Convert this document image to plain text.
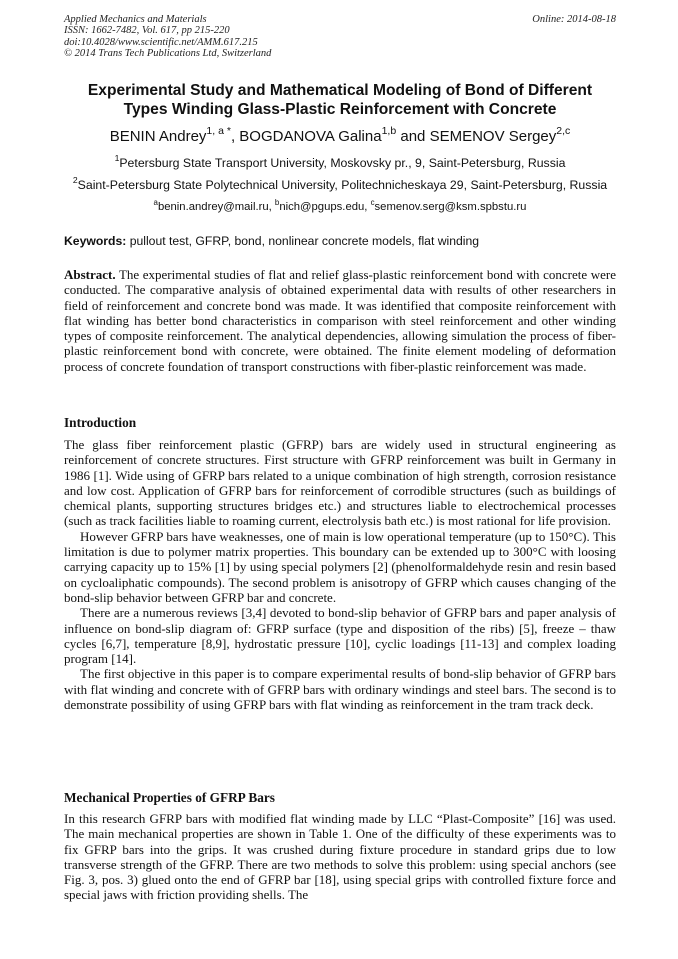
Applied Mechanics and Materials
ISSN: 1662-7482, Vol. 617, pp 215-220
doi:10.4028/www.scientific.net/AMM.617.215
© 2014 Trans Tech Publications Ltd, Switzerland
Online: 2014-08-18
Experimental Study and Mathematical Modeling of Bond of Different Types Winding Glass-Plastic Reinforcement with Concrete
BENIN Andrey$^{1, a *}$, BOGDANOVA Galina$^{1,b}$ and SEMENOV Sergey$^{2,c}$
$^1$Petersburg State Transport University, Moskovsky pr., 9, Saint-Petersburg, Russia
$^2$Saint-Petersburg State Polytechnical University, Politechnicheskaya 29, Saint-Petersburg, Russia
$^a$benin.andrey@mail.ru, $^b$nich@pgups.edu, $^c$semenov.serg@ksm.spbstu.ru
Keywords: pullout test, GFRP, bond, nonlinear concrete models, flat winding

Abstract. The experimental studies of flat and relief glass-plastic reinforcement bond with concrete were conducted. The comparative analysis of obtained experimental data with results of other researchers in field of reinforcement and concrete bond was made. It was identified that composite reinforcement with flat winding has better bond characteristics in comparison with steel reinforcement and other winding types of composite reinforcement. The analytical dependencies, allowing simulation the process of fiber-plastic reinforcement bond with concrete, were obtained. The finite element modeling of deformation process of concrete foundation of transport constructions with fiber-plastic reinforcement was made.

Introduction

The glass fiber reinforcement plastic (GFRP) bars are widely used in structural engineering as reinforcement of concrete structures. First structure with GFRP reinforcement was built in Germany in 1986 [1]. Wide using of GFRP bars related to a unique combination of high strength, corrosion resistance and low cost. Application of GFRP bars for reinforcement of corrodible structures (such as buildings of chemical plants, supporting structures bridges etc.) and structures liable to electrochemical processes (such as track facilities liable to roaming current, electrolysis bath etc.) is most rational for life provision.

However GFRP bars have weaknesses, one of main is low operational temperature (up to 150°C). This limitation is due to polymer matrix properties. This boundary can be extended up to 300°C with loosing carrying capacity up to 15% [1] by using special polymers [2] (phenolformaldehyde resin and resin based on cycloaliphatic compounds). The second problem is anisotropy of GFRP which causes changing of the bond-slip behavior between GFRP bar and concrete.

There are a numerous reviews [3,4] devoted to bond-slip behavior of GFRP bars and paper analysis of influence on bond-slip diagram of: GFRP surface (type and disposition of the ribs) [5], freeze – thaw cycles [6,7], temperature [8,9], hydrostatic pressure [10], cyclic loadings [11-13] and complex loading program [14].

The first objective in this paper is to compare experimental results of bond-slip behavior of GFRP bars with flat winding and concrete with of GFRP bars with ordinary windings and steel bars. The second is to demonstrate possibility of using GFRP bars with flat winding as reinforcement in the tram track deck.

Mechanical Properties of GFRP Bars

In this research GFRP bars with modified flat winding made by LLC “Plast-Composite” [16] was used. The main mechanical properties are shown in Table 1. One of the difficulty of these experiments was to fix GFRP bars into the grips. It was crushed during fixture procedure in standard grips due to low transverse strength of the GFRP. There are two methods to solve this problem: using special anchors (see Fig. 3, pos. 3) glued onto the end of GFRP bar [18], using special grips with controlled fixture force and special jaws with friction providing shells. The
